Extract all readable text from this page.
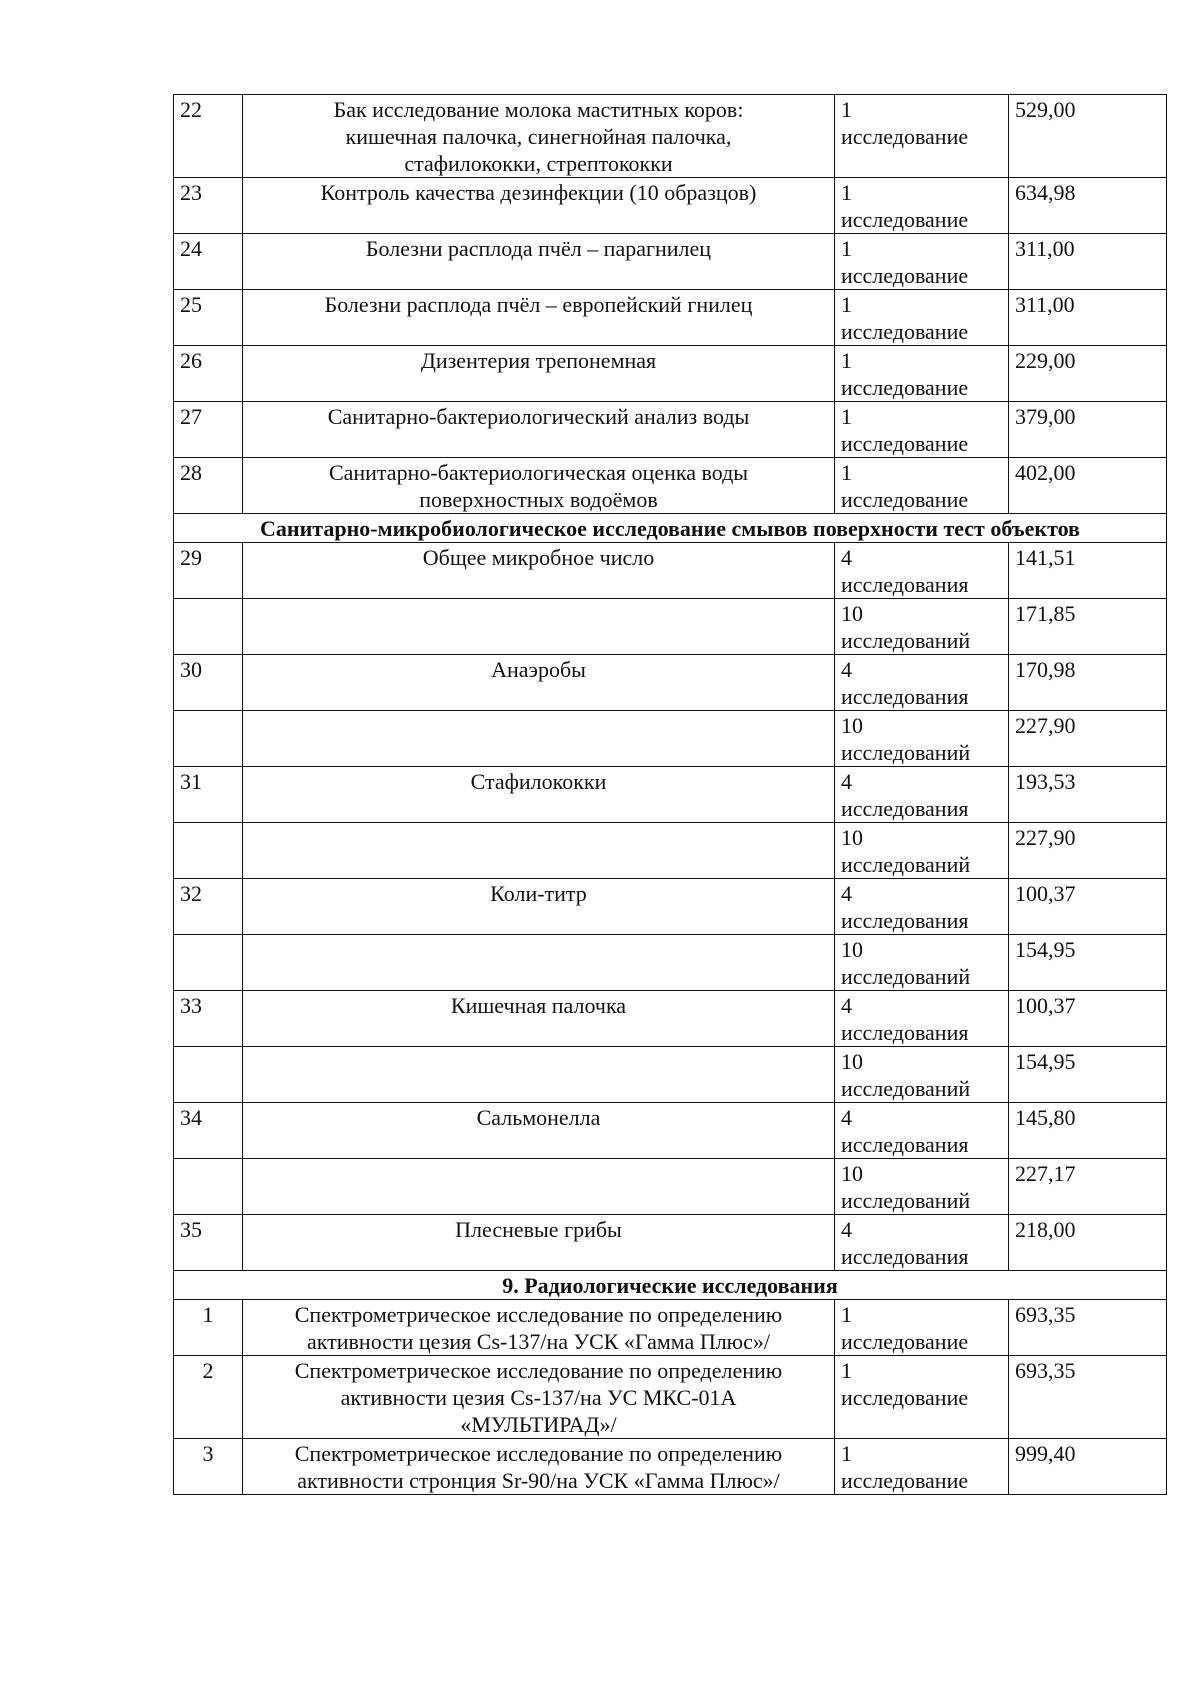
22	Бак исследование молока маститных коров:
кишечная палочка, синегнойная палочка,
стафилококки, стрептококки	1
исследование	529,00
23	Контроль качества дезинфекции (10 образцов)	1
исследование	634,98
24	Болезни расплода пчёл – парагнилец	1
исследование	311,00
25	Болезни расплода пчёл – европейский гнилец	1
исследование	311,00
26	Дизентерия трепонемная	1
исследование	229,00
27	Санитарно-бактериологический анализ воды	1
исследование	379,00
28	Санитарно-бактериологическая оценка воды
поверхностных водоёмов	1
исследование	402,00
Санитарно-микробиологическое исследование смывов поверхности тест объектов			
29	Общее микробное число	4
исследования	141,51

		10
исследований	171,85
30	Анаэробы	4
исследования	170,98

		10
исследований	227,90
31	Стафилококки	4
исследования	193,53

		10
исследований	227,90
32	Коли-титр	4
исследования	100,37

		10
исследований	154,95
33	Кишечная палочка	4
исследования	100,37

		10
исследований	154,95
34	Сальмонелла	4
исследования	145,80

		10
исследований	227,17
35	Плесневые грибы	4
исследования	218,00
9. Радиологические исследования			
1	Спектрометрическое исследование по определению
активности цезия Cs-137/на УСК «Гамма Плюс»/	1
исследование	693,35
2	Спектрометрическое исследование по определению
активности цезия Cs-137/на УС МКС-01А
«МУЛЬТИРАД»/	1
исследование	693,35
3	Спектрометрическое исследование по определению
активности стронция Sr-90/на УСК «Гамма Плюс»/	1
исследование	999,40
